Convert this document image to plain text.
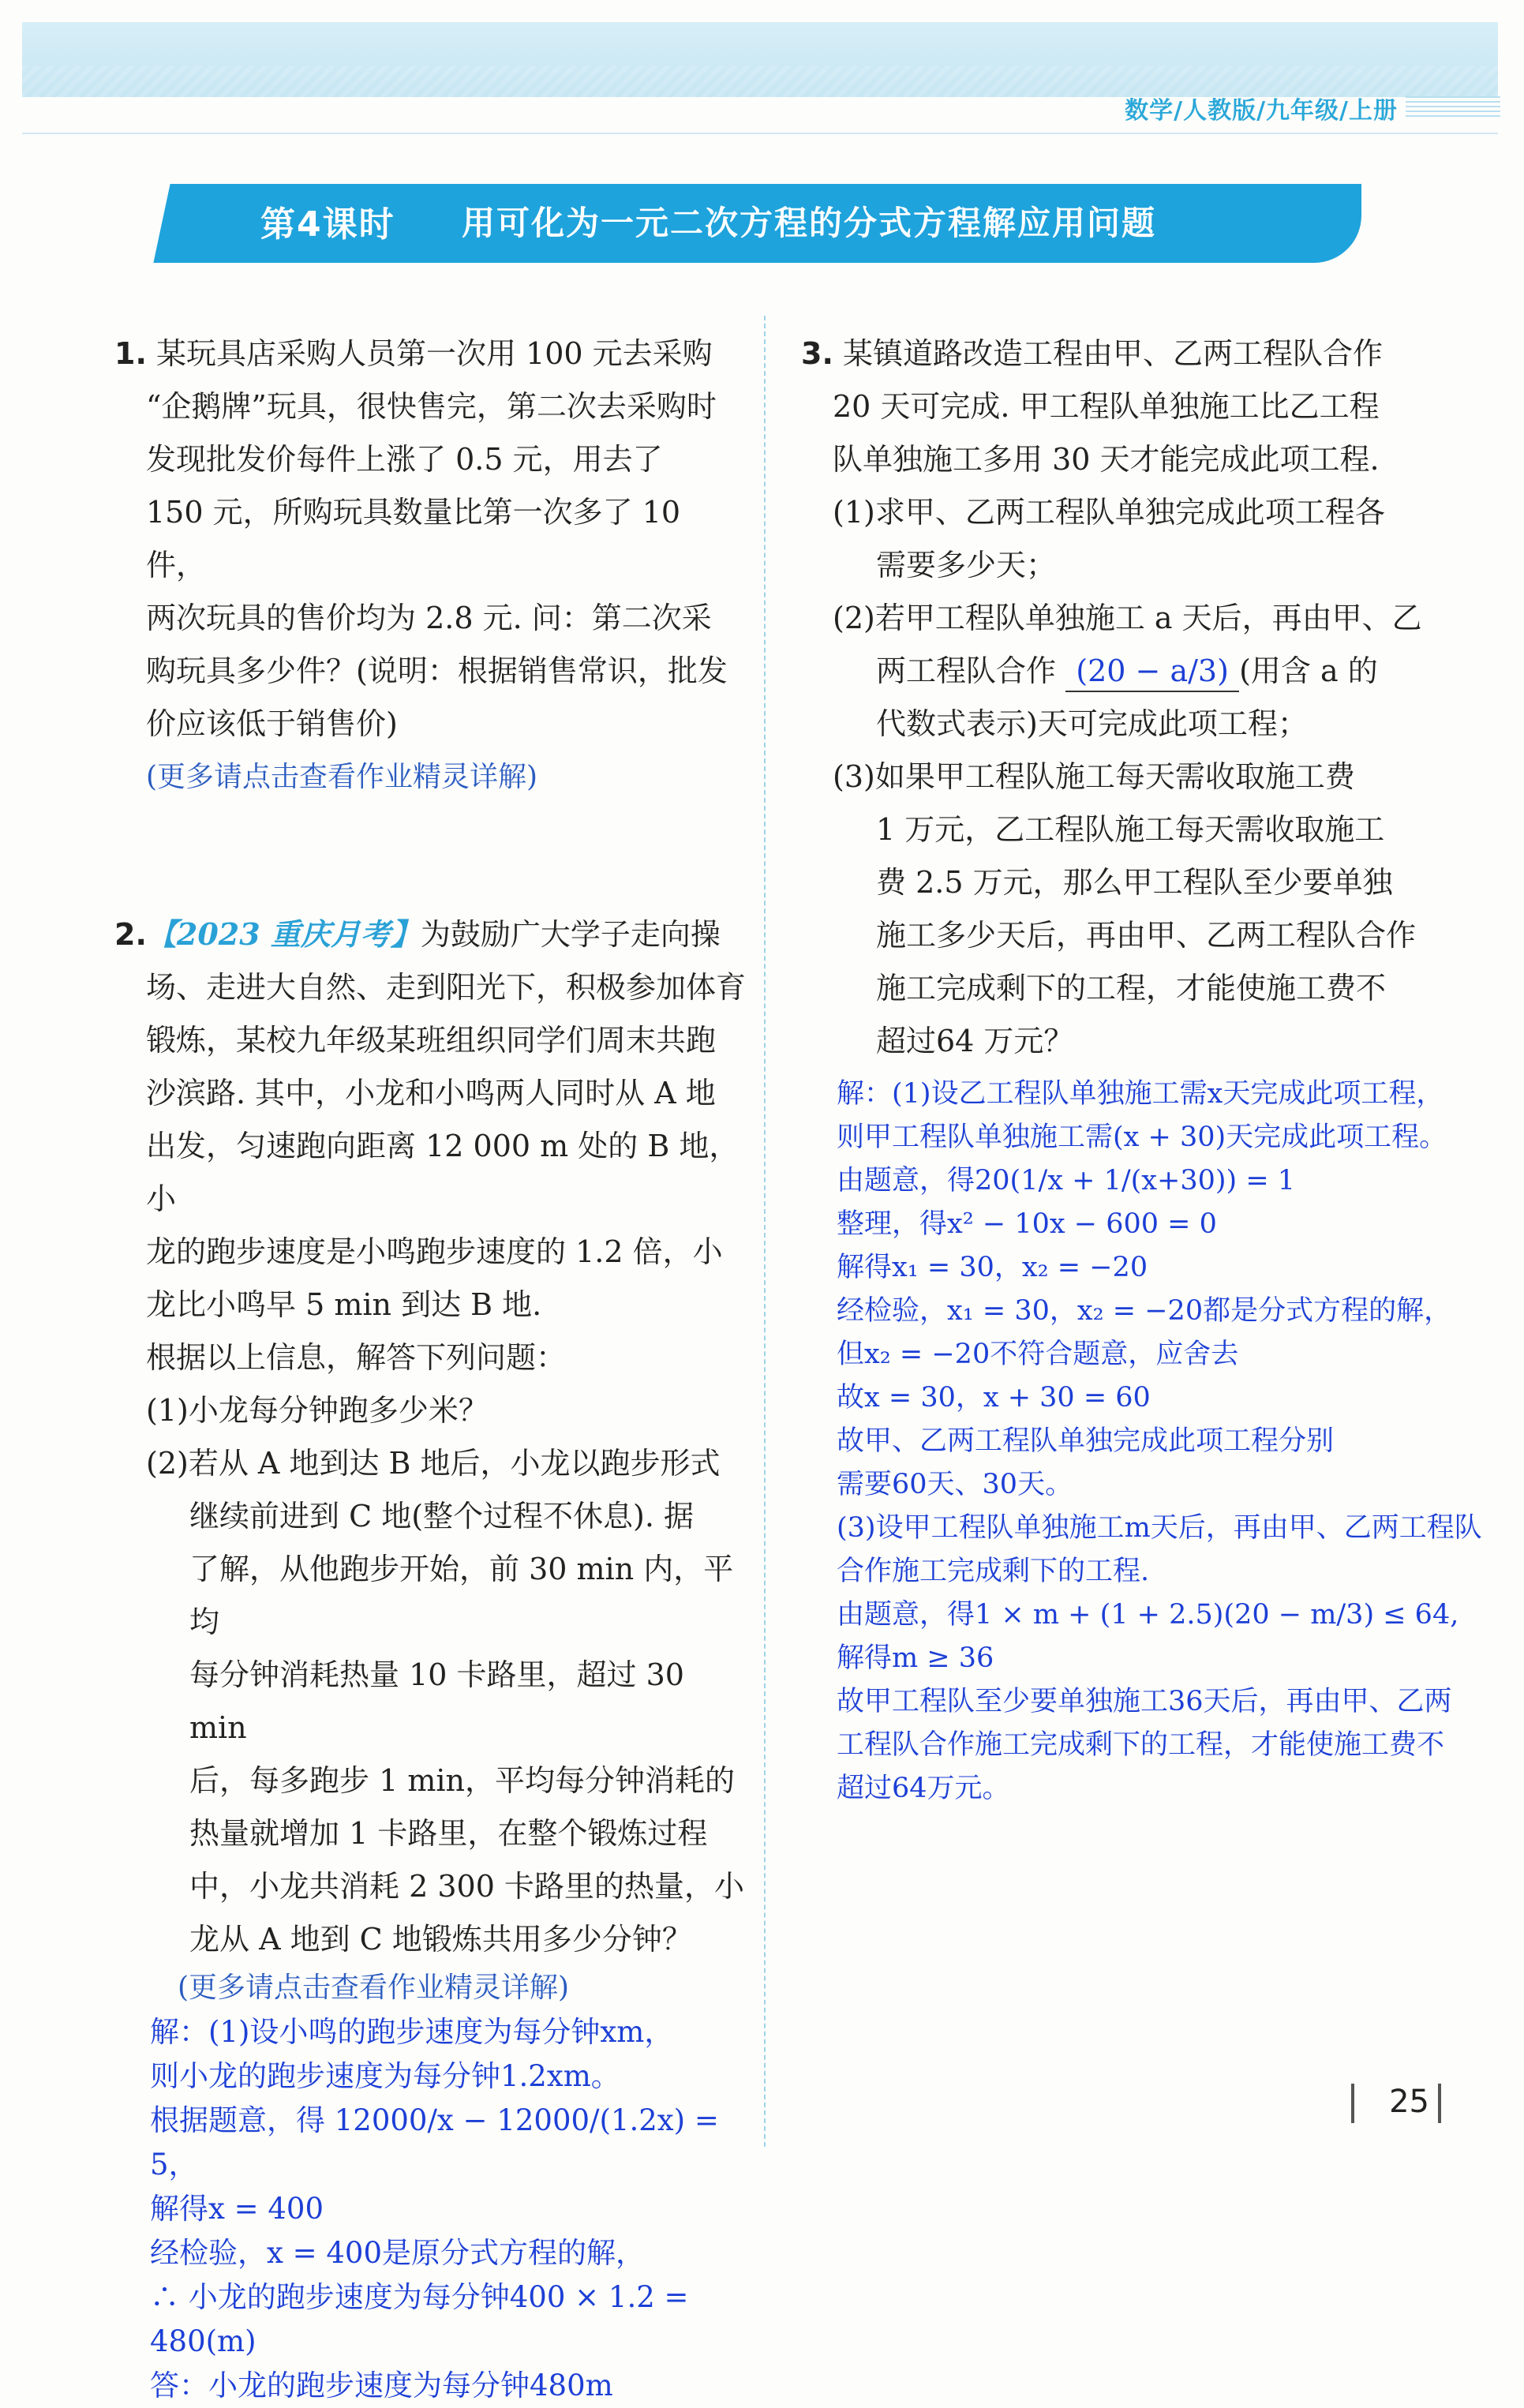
数学/人教版/九年级/上册
第4课时 用可化为一元二次方程的分式方程解应用问题

1. 某玩具店采购人员第一次用 100 元去采购

“企鹅牌”玩具，很快售完，第二次去采购时

发现批发价每件上涨了 0.5 元，用去了

150 元，所购玩具数量比第一次多了 10 件，

两次玩具的售价均为 2.8 元. 问：第二次采

购玩具多少件？(说明：根据销售常识，批发

价应该低于销售价)

(更多请点击查看作业精灵详解)

2.【2023 重庆月考】为鼓励广大学子走向操

场、走进大自然、走到阳光下，积极参加体育

锻炼，某校九年级某班组织同学们周末共跑

沙滨路. 其中，小龙和小鸣两人同时从 A 地

出发，匀速跑向距离 12 000 m 处的 B 地，小

龙的跑步速度是小鸣跑步速度的 1.2 倍，小

龙比小鸣早 5 min 到达 B 地.

根据以上信息，解答下列问题：

(1)小龙每分钟跑多少米？

(2)若从 A 地到达 B 地后，小龙以跑步形式

继续前进到 C 地(整个过程不休息). 据

了解，从他跑步开始，前 30 min 内，平均

每分钟消耗热量 10 卡路里，超过 30 min

后，每多跑步 1 min，平均每分钟消耗的

热量就增加 1 卡路里，在整个锻炼过程

中，小龙共消耗 2 300 卡路里的热量，小

龙从 A 地到 C 地锻炼共用多少分钟？

(更多请点击查看作业精灵详解)

解：(1)设小鸣的跑步速度为每分钟xm，

则小龙的跑步速度为每分钟1.2xm。

根据题意，得 12000/x − 12000/(1.2x) = 5，

解得x = 400

经检验，x = 400是原分式方程的解，

∴ 小龙的跑步速度为每分钟400 × 1.2 = 480(m)

答：小龙的跑步速度为每分钟480m

3. 某镇道路改造工程由甲、乙两工程队合作

20 天可完成. 甲工程队单独施工比乙工程

队单独施工多用 30 天才能完成此项工程.

(1)求甲、乙两工程队单独完成此项工程各

需要多少天；

(2)若甲工程队单独施工 a 天后，再由甲、乙

两工程队合作 (20 − a/3) (用含 a 的

代数式表示)天可完成此项工程；

(3)如果甲工程队施工每天需收取施工费

1 万元，乙工程队施工每天需收取施工

费 2.5 万元，那么甲工程队至少要单独

施工多少天后，再由甲、乙两工程队合作

施工完成剩下的工程，才能使施工费不

超过64 万元？

解：(1)设乙工程队单独施工需x天完成此项工程，

则甲工程队单独施工需(x + 30)天完成此项工程。

由题意，得20(1/x + 1/(x+30)) = 1

整理，得x² − 10x − 600 = 0

解得x₁ = 30，x₂ = −20

经检验，x₁ = 30，x₂ = −20都是分式方程的解，

但x₂ = −20不符合题意，应舍去

故x = 30，x + 30 = 60

故甲、乙两工程队单独完成此项工程分别

需要60天、30天。

(3)设甲工程队单独施工m天后，再由甲、乙两工程队

合作施工完成剩下的工程.

由题意，得1 × m + (1 + 2.5)(20 − m/3) ≤ 64,

解得m ≥ 36

故甲工程队至少要单独施工36天后，再由甲、乙两

工程队合作施工完成剩下的工程，才能使施工费不

超过64万元。

25
